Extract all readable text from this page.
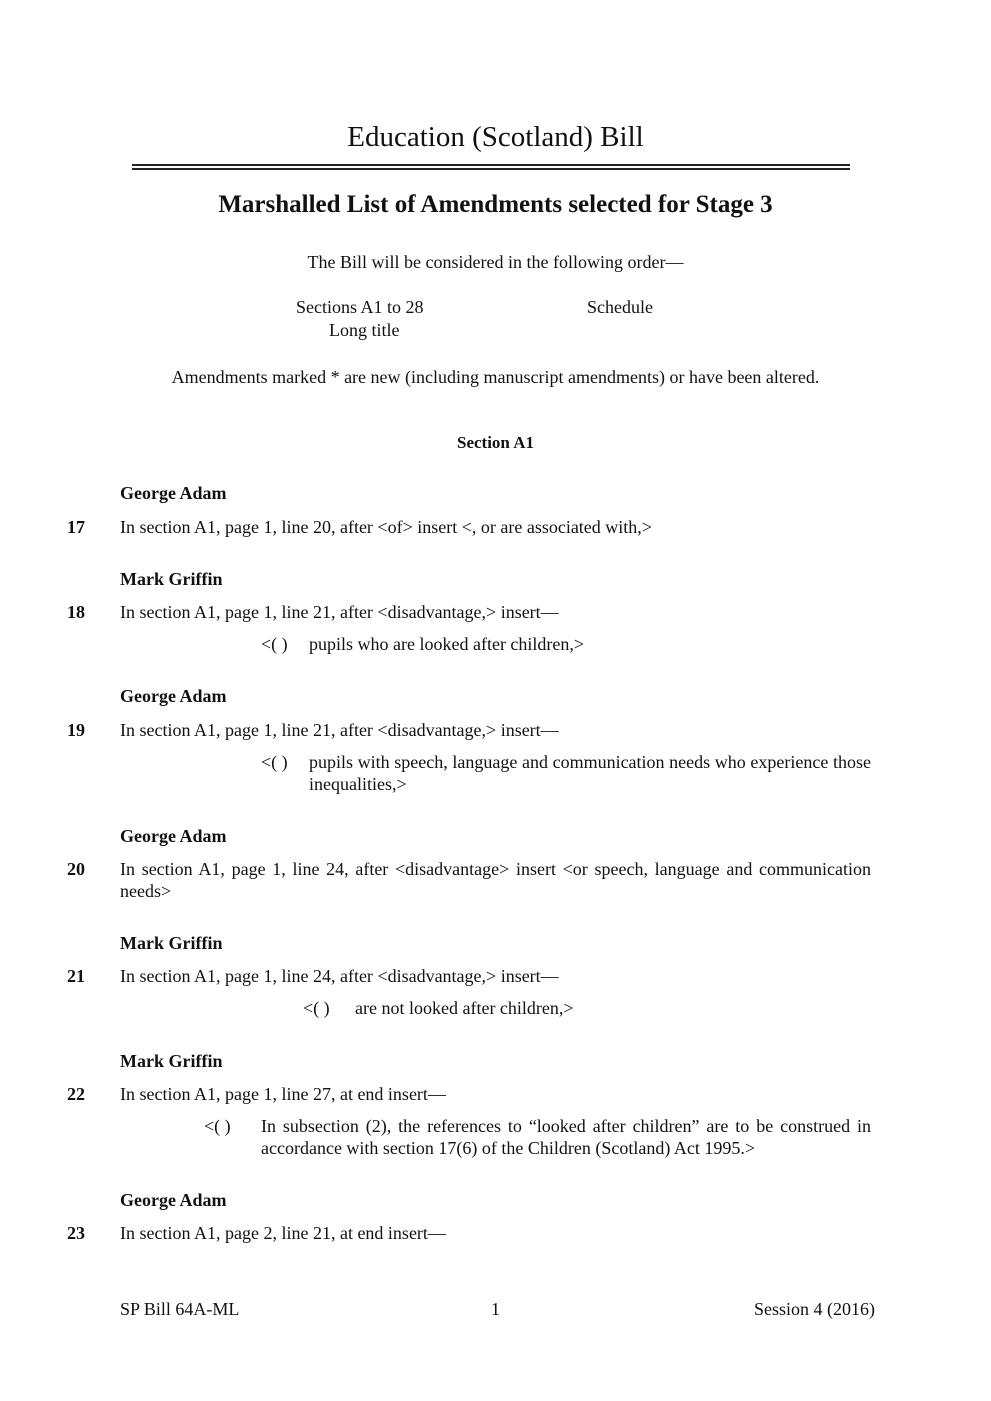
Education (Scotland) Bill
Marshalled List of Amendments selected for Stage 3
The Bill will be considered in the following order—
Sections A1 to 28	Schedule
Long title
Amendments marked * are new (including manuscript amendments) or have been altered.
Section A1
George Adam
17 In section A1, page 1, line 20, after <of> insert <, or are associated with,>
Mark Griffin
18 In section A1, page 1, line 21, after <disadvantage,> insert—
<( ) pupils who are looked after children,>
George Adam
19 In section A1, page 1, line 21, after <disadvantage,> insert—
<( ) pupils with speech, language and communication needs who experience those inequalities,>
George Adam
20 In section A1, page 1, line 24, after <disadvantage> insert <or speech, language and communication needs>
Mark Griffin
21 In section A1, page 1, line 24, after <disadvantage,> insert—
<( ) are not looked after children,>
Mark Griffin
22 In section A1, page 1, line 27, at end insert—
<( ) In subsection (2), the references to “looked after children” are to be construed in accordance with section 17(6) of the Children (Scotland) Act 1995.>
George Adam
23 In section A1, page 2, line 21, at end insert—
SP Bill 64A-ML	1	Session 4 (2016)
